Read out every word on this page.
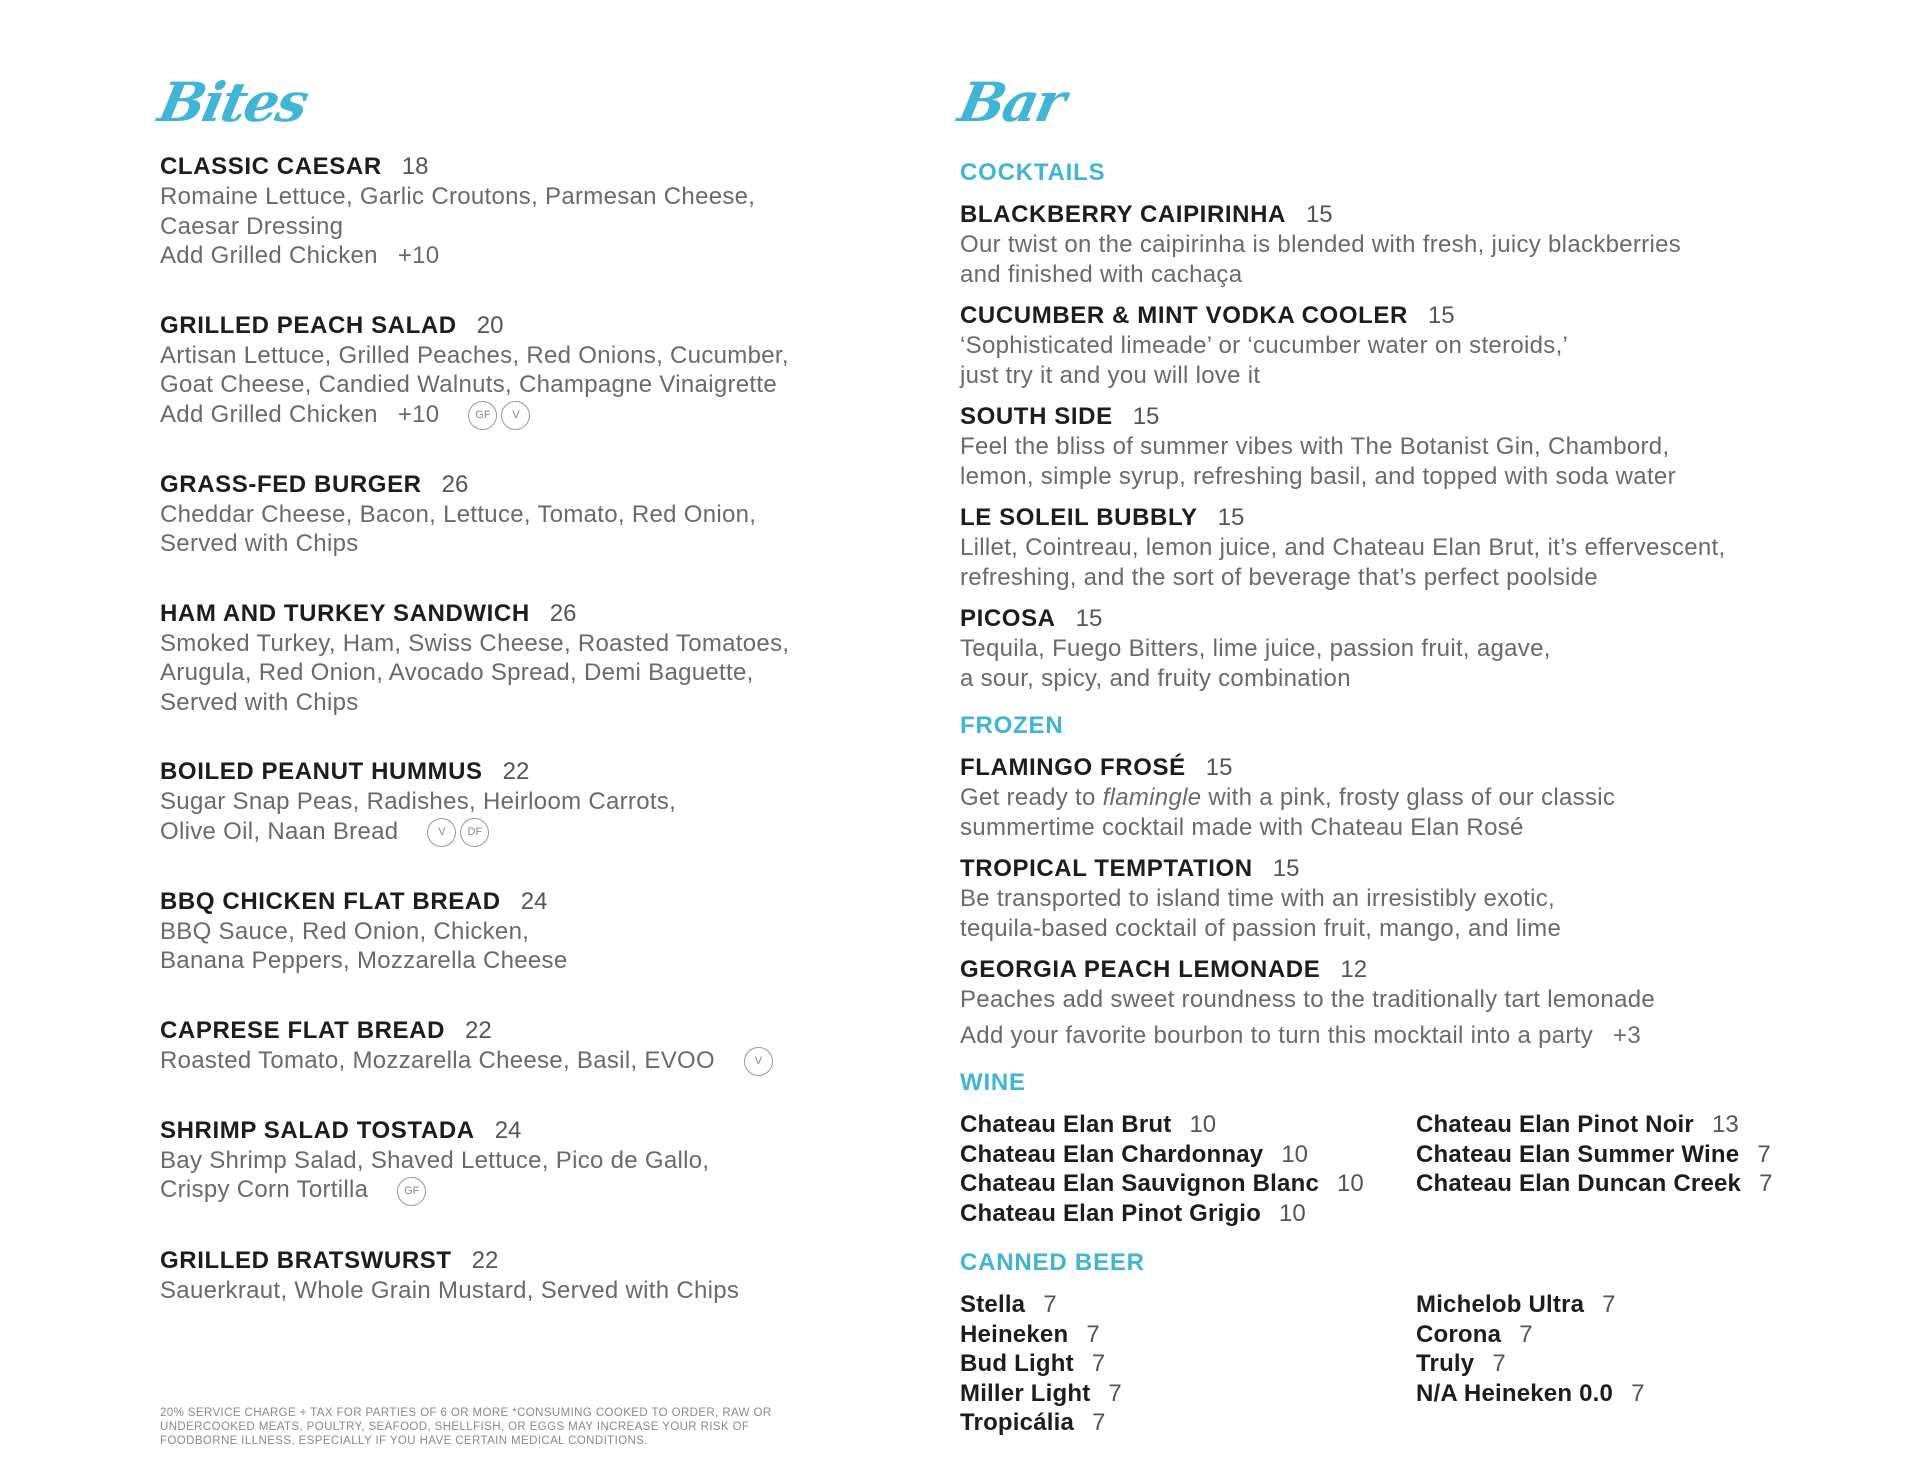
Bites
CLASSIC CAESAR 18
Romaine Lettuce, Garlic Croutons, Parmesan Cheese,
Caesar Dressing
Add Grilled Chicken +10
GRILLED PEACH SALAD 20
Artisan Lettuce, Grilled Peaches, Red Onions, Cucumber,
Goat Cheese, Candied Walnuts, Champagne Vinaigrette
Add Grilled Chicken +10	GF V
GRASS-FED BURGER 26
Cheddar Cheese, Bacon, Lettuce, Tomato, Red Onion,
Served with Chips
HAM AND TURKEY SANDWICH 26
Smoked Turkey, Ham, Swiss Cheese, Roasted Tomatoes,
Arugula, Red Onion, Avocado Spread, Demi Baguette,
Served with Chips
BOILED PEANUT HUMMUS 22
Sugar Snap Peas, Radishes, Heirloom Carrots,
Olive Oil, Naan Bread	V DF
BBQ CHICKEN FLAT BREAD 24
BBQ Sauce, Red Onion, Chicken,
Banana Peppers, Mozzarella Cheese
CAPRESE FLAT BREAD 22
Roasted Tomato, Mozzarella Cheese, Basil, EVOO	V
SHRIMP SALAD TOSTADA 24
Bay Shrimp Salad, Shaved Lettuce, Pico de Gallo,
Crispy Corn Tortilla	GF
GRILLED BRATSWURST 22
Sauerkraut, Whole Grain Mustard, Served with Chips
20% SERVICE CHARGE + TAX FOR PARTIES OF 6 OR MORE *CONSUMING COOKED TO ORDER, RAW OR
UNDERCOOKED MEATS, POULTRY, SEAFOOD, SHELLFISH, OR EGGS MAY INCREASE YOUR RISK OF
FOODBORNE ILLNESS, ESPECIALLY IF YOU HAVE CERTAIN MEDICAL CONDITIONS.
Bar
COCKTAILS
BLACKBERRY CAIPIRINHA 15
Our twist on the caipirinha is blended with fresh, juicy blackberries
and finished with cachaça
CUCUMBER & MINT VODKA COOLER 15
‘Sophisticated limeade’ or ‘cucumber water on steroids,’
just try it and you will love it
SOUTH SIDE 15
Feel the bliss of summer vibes with The Botanist Gin, Chambord,
lemon, simple syrup, refreshing basil, and topped with soda water
LE SOLEIL BUBBLY 15
Lillet, Cointreau, lemon juice, and Chateau Elan Brut, it’s effervescent,
refreshing, and the sort of beverage that’s perfect poolside
PICOSA 15
Tequila, Fuego Bitters, lime juice, passion fruit, agave,
a sour, spicy, and fruity combination
FROZEN
FLAMINGO FROSÉ 15
Get ready to flamingle with a pink, frosty glass of our classic
summertime cocktail made with Chateau Elan Rosé
TROPICAL TEMPTATION 15
Be transported to island time with an irresistibly exotic,
tequila-based cocktail of passion fruit, mango, and lime
GEORGIA PEACH LEMONADE 12
Peaches add sweet roundness to the traditionally tart lemonade
Add your favorite bourbon to turn this mocktail into a party +3
WINE
Chateau Elan Brut 10
Chateau Elan Chardonnay 10
Chateau Elan Sauvignon Blanc 10
Chateau Elan Pinot Grigio 10
Chateau Elan Pinot Noir 13
Chateau Elan Summer Wine 7
Chateau Elan Duncan Creek 7
CANNED BEER
Stella 7
Heineken 7
Bud Light 7
Miller Light 7
Tropicália 7
Michelob Ultra 7
Corona 7
Truly 7
N/A Heineken 0.0 7
